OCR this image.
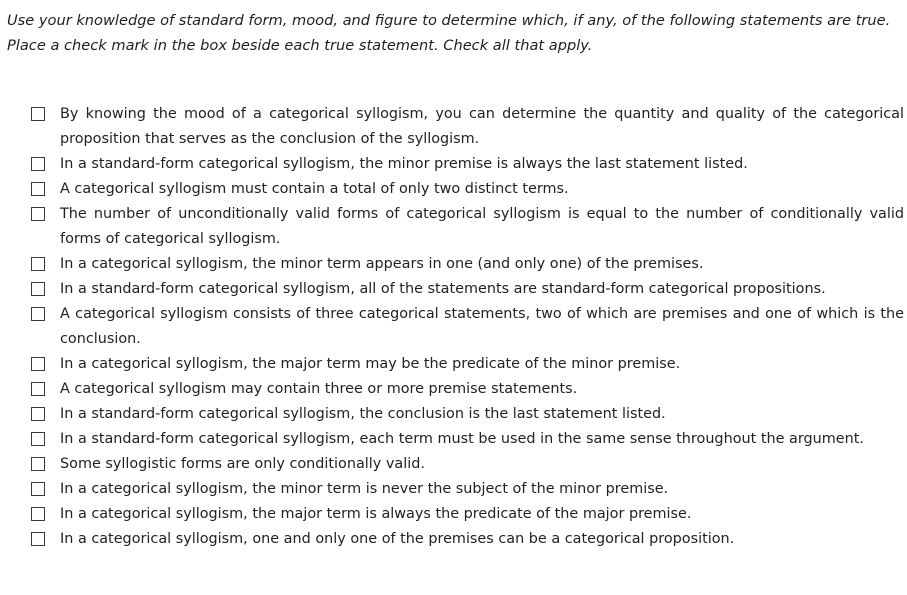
Use your knowledge of standard form, mood, and figure to determine which, if any, of the following statements are true. Place a check mark in the box beside each true statement. Check all that apply.

By knowing the mood of a categorical syllogism, you can determine the quantity and quality of the categorical proposition that serves as the conclusion of the syllogism.
In a standard-form categorical syllogism, the minor premise is always the last statement listed.
A categorical syllogism must contain a total of only two distinct terms.
The number of unconditionally valid forms of categorical syllogism is equal to the number of conditionally valid forms of categorical syllogism.
In a categorical syllogism, the minor term appears in one (and only one) of the premises.
In a standard-form categorical syllogism, all of the statements are standard-form categorical propositions.
A categorical syllogism consists of three categorical statements, two of which are premises and one of which is the conclusion.
In a categorical syllogism, the major term may be the predicate of the minor premise.
A categorical syllogism may contain three or more premise statements.
In a standard-form categorical syllogism, the conclusion is the last statement listed.
In a standard-form categorical syllogism, each term must be used in the same sense throughout the argument.
Some syllogistic forms are only conditionally valid.
In a categorical syllogism, the minor term is never the subject of the minor premise.
In a categorical syllogism, the major term is always the predicate of the major premise.
In a categorical syllogism, one and only one of the premises can be a categorical proposition.
